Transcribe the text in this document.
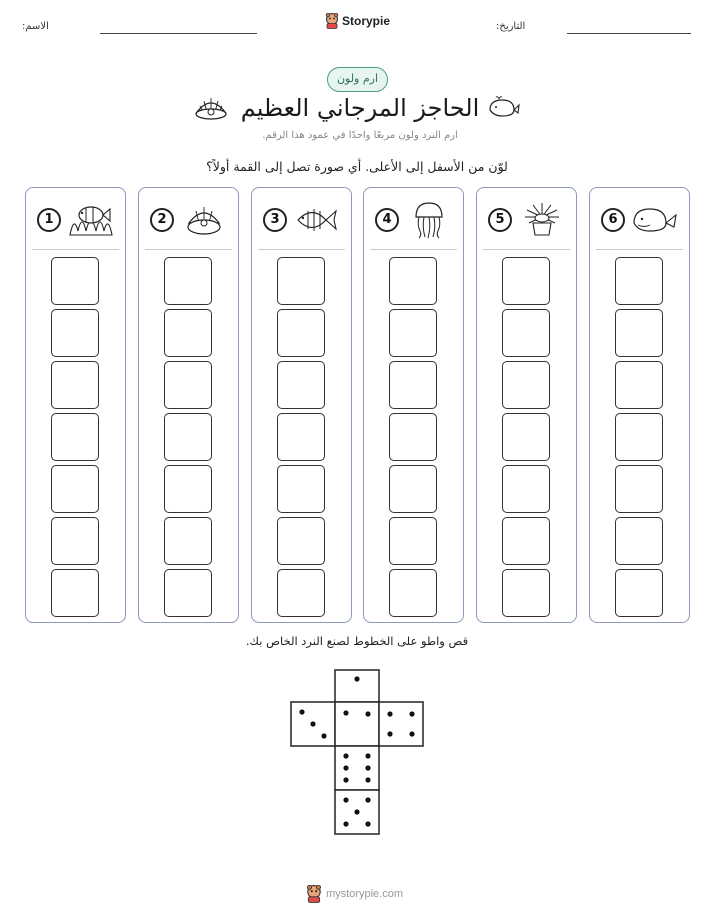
الاسم:	Storypie	التاريخ:
ارم ولون
الحاجز المرجاني العظيم
ارم النرد ولون مربعًا واحدًا في عمود هذا الرقم.
لوّن من الأسفل إلى الأعلى. أي صورة تصل إلى القمة أولاً؟
1	2	3	4	5	6
قص واطو على الخطوط لصنع النرد الخاص بك.
mystorypie.com
